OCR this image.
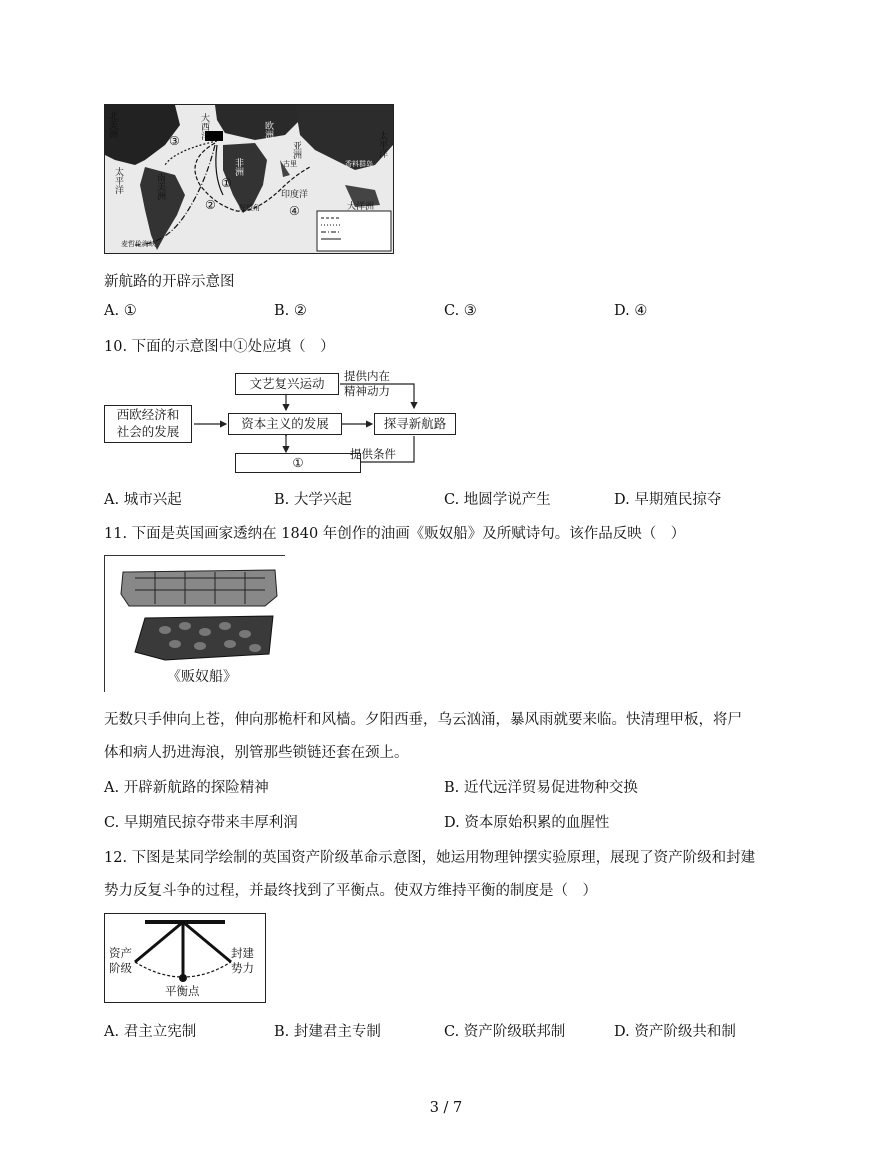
北美洲
南美洲
欧洲
非洲
亚洲
大西洋
太平洋
太平洋
印度洋
大洋洲
③
①
②	④
好望角
古里	香料群岛
麦哲伦海峡
新航路的开辟示意图
A. ①	B. ②	C. ③	D. ④
10. 下面的示意图中①处应填（　）
文艺复兴运动	提供内在
精神动力
西欧经济和
社会的发展
资本主义的发展	探寻新航路
①
提供条件
A. 城市兴起	B. 大学兴起	C. 地圆学说产生	D. 早期殖民掠夺
11. 下面是英国画家透纳在 1840 年创作的油画《贩奴船》及所赋诗句。该作品反映（　）
《贩奴船》
无数只手伸向上苍，伸向那桅杆和风樯。夕阳西垂，乌云汹涌，暴风雨就要来临。快清理甲板，将尸
体和病人扔进海浪，别管那些锁链还套在颈上。
A. 开辟新航路的探险精神	B. 近代远洋贸易促进物种交换
C. 早期殖民掠夺带来丰厚利润	D. 资本原始积累的血腥性
12. 下图是某同学绘制的英国资产阶级革命示意图，她运用物理钟摆实验原理，展现了资产阶级和封建
势力反复斗争的过程，并最终找到了平衡点。使双方维持平衡的制度是（　）
资产
阶级
封建
势力
平衡点
A. 君主立宪制	B. 封建君主专制	C. 资产阶级联邦制	D. 资产阶级共和制
3 / 7
